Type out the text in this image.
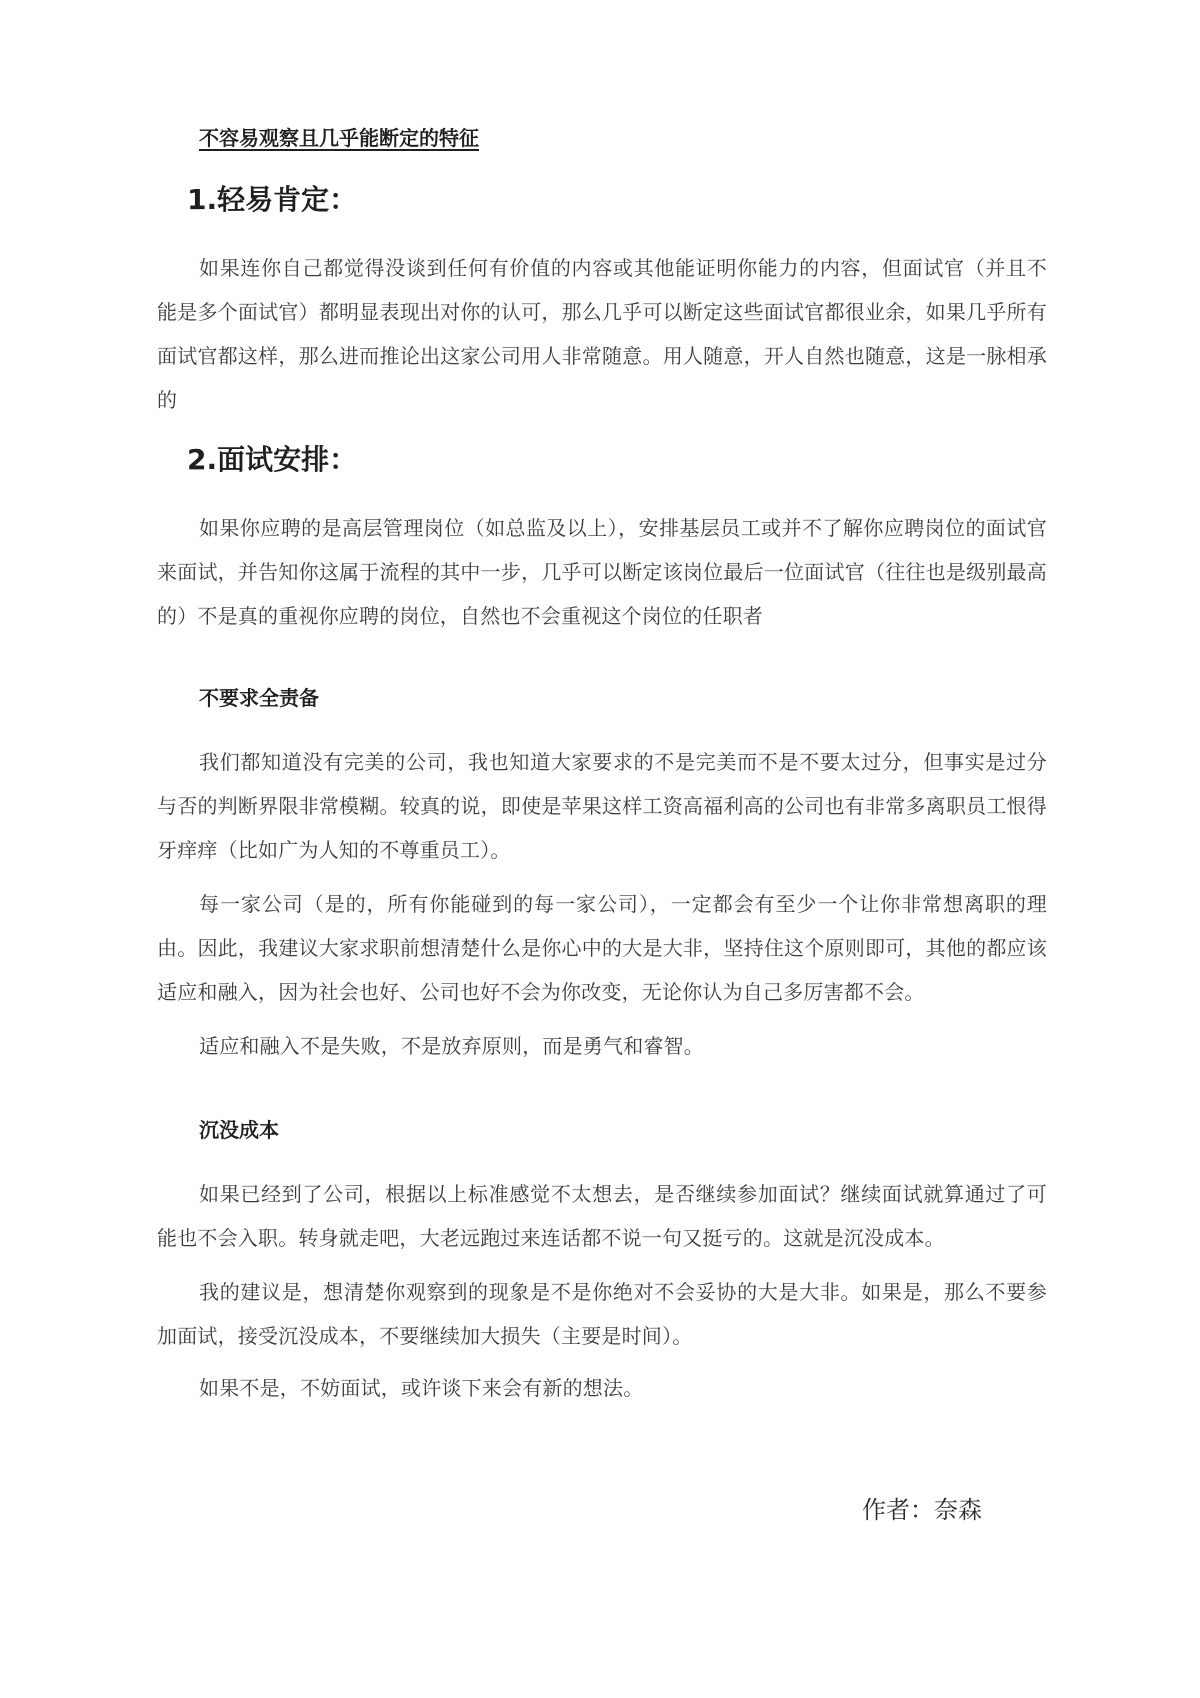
不容易观察且几乎能断定的特征

1.轻易肯定：

如果连你自己都觉得没谈到任何有价值的内容或其他能证明你能力的内容，但面试官（并且不能是多个面试官）都明显表现出对你的认可，那么几乎可以断定这些面试官都很业余，如果几乎所有面试官都这样，那么进而推论出这家公司用人非常随意。用人随意，开人自然也随意，这是一脉相承的

2.面试安排：

如果你应聘的是高层管理岗位（如总监及以上），安排基层员工或并不了解你应聘岗位的面试官来面试，并告知你这属于流程的其中一步，几乎可以断定该岗位最后一位面试官（往往也是级别最高的）不是真的重视你应聘的岗位，自然也不会重视这个岗位的任职者

不要求全责备

我们都知道没有完美的公司，我也知道大家要求的不是完美而不是不要太过分，但事实是过分与否的判断界限非常模糊。较真的说，即使是苹果这样工资高福利高的公司也有非常多离职员工恨得牙痒痒（比如广为人知的不尊重员工）。

每一家公司（是的，所有你能碰到的每一家公司），一定都会有至少一个让你非常想离职的理由。因此，我建议大家求职前想清楚什么是你心中的大是大非，坚持住这个原则即可，其他的都应该适应和融入，因为社会也好、公司也好不会为你改变，无论你认为自己多厉害都不会。

适应和融入不是失败，不是放弃原则，而是勇气和睿智。

沉没成本

如果已经到了公司，根据以上标准感觉不太想去，是否继续参加面试？继续面试就算通过了可能也不会入职。转身就走吧，大老远跑过来连话都不说一句又挺亏的。这就是沉没成本。

我的建议是，想清楚你观察到的现象是不是你绝对不会妥协的大是大非。如果是，那么不要参加面试，接受沉没成本，不要继续加大损失（主要是时间）。

如果不是，不妨面试，或许谈下来会有新的想法。

作者：奈森
